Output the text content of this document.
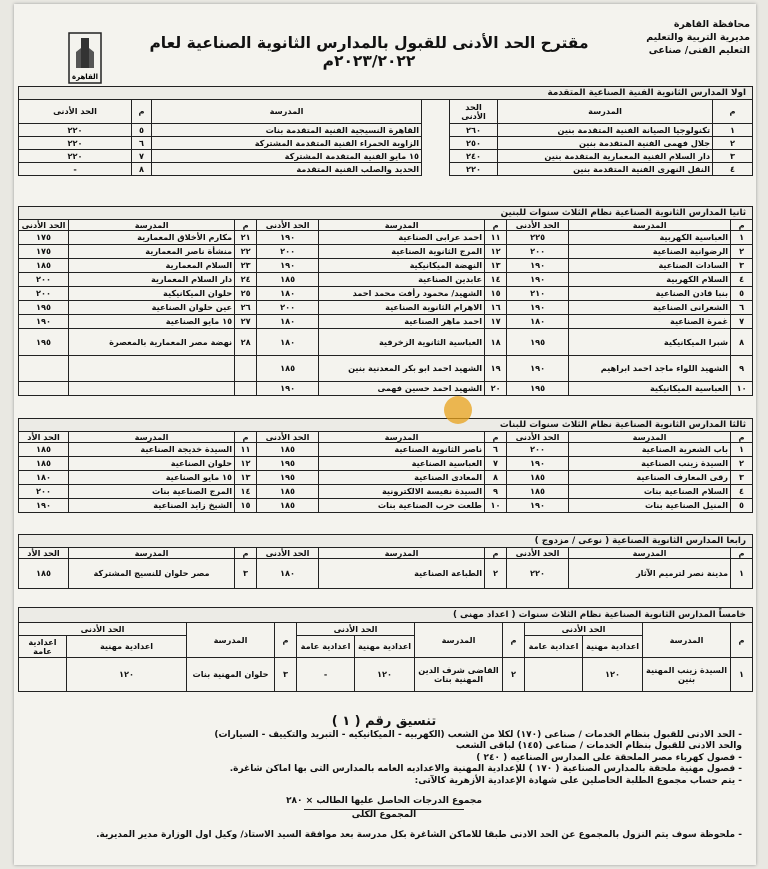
محافظة القاهرة
مديرية التربية والتعليم
التعليم الفنى/ صناعى
مقترح الحد الأدنى للقبول بالمدارس الثانوية الصناعية لعام ٢٠٢٣/٢٠٢٢م
القاهرة
اولا المدارس الثانوية الفنية الصناعية المتقدمة						
م	المدرسة	الحد الأدنى		المدرسة	م	الحد الأدنى
١	تكنولوجيا الصيانة الفنية المتقدمة بنين	٢٦٠		القاهرة النسيجية الفنية المتقدمة بنات	٥	٢٢٠
٢	جلال فهمى الفنية المتقدمة بنين	٢٥٠		الزاوية الحمراء الفنية المتقدمة المشتركة	٦	٢٢٠
٣	دار السلام الفنية المعمارية المتقدمة بنين	٢٤٠		١٥ مايو الفنية المتقدمة المشتركة	٧	٢٢٠
٤	النقل النهرى الفنية المتقدمة بنين	٢٢٠		الحديد والصلب الفنية المتقدمة	٨	-
ثانيا المدارس الثانوية الصناعية نظام الثلاث سنوات للبنين								
م	المدرسة	الحد الأدنى	م	المدرسة	الحد الأدنى	م	المدرسة	الحد الأدنى
١	العباسية الكهربية	٢٢٥	١١	احمد عرابى الصناعية	١٩٠	٢١	مكارم الأخلاق المعمارية	١٧٥
٢	الرضوانية الصناعية	٢٠٠	١٢	المرج الثانوية الصناعية	٢٠٠	٢٢	منشأة ناصر المعمارية	١٧٥
٣	السادات الصناعية	١٩٠	١٣	النهضة الميكانيكية	١٩٠	٢٣	السلام المعمارية	١٨٥
٤	السلام الكهربية	١٩٠	١٤	عابدين الصناعية	١٨٥	٢٤	دار السلام المعمارية	٢٠٠
٥	بنبا قادن الصناعية	٢١٠	١٥	الشهيد/ محمود رأفت محمد احمد	١٨٠	٢٥	حلوان الميكانيكية	٢٠٠
٦	الشعرانى الصناعية	١٩٠	١٦	الاهرام الثانوية الصناعية	٢٠٠	٢٦	عين حلوان الصناعية	١٩٥
٧	غمرة الصناعية	١٨٠	١٧	احمد ماهر الصناعية	١٨٠	٢٧	١٥ مايو الصناعية	١٩٠
٨	شبرا الميكانيكية	١٩٥	١٨	العباسية الثانوية الزخرفية	١٨٠	٢٨	نهضة مصر المعمارية بالمعصرة	١٩٥
٩	الشهيد اللواء ماجد احمد ابراهيم	١٩٠	١٩	الشهيد احمد ابو بكر المعدنية بنين	١٨٥			
١٠	العباسية الميكانيكية	١٩٥	٢٠	الشهيد احمد حسين فهمى	١٩٠			
ثالثا المدارس الثانوية الصناعية نظام الثلاث سنوات للبنات								
م	المدرسة	الحد الأدنى	م	المدرسة	الحد الأدنى	م	المدرسة	الحد الأد
١	باب الشعرية الصناعية	٢٠٠	٦	ناصر الثانوية الصناعية	١٨٥	١١	السيدة خديجة الصناعية	١٨٥
٢	السيدة زينب الصناعية	١٩٠	٧	العباسية الصناعية	١٩٥	١٢	حلوان الصناعية	١٨٥
٣	رقى المعارف الصناعية	١٨٥	٨	المعادى الصناعية	١٩٥	١٣	١٥ مايو الصناعية	١٨٠
٤	السلام الصناعية بنات	١٨٥	٩	السيدة نفيسة الالكترونية	١٨٥	١٤	المرج الصناعية بنات	٢٠٠
٥	المنيل الصناعية بنات	١٩٠	١٠	طلعت حرب الصناعية بنات	١٨٥	١٥	الشيخ زايد الصناعية	١٩٠
رابعا المدارس الثانوية الصناعية ( نوعى / مزدوج )								
م	المدرسة	الحد الأدنى	م	المدرسة	الحد الأدنى	م	المدرسة	الحد الأد
١	مدينة نصر لترميم الآثار	٢٢٠	٢	الطباعة الصناعية	١٨٠	٣	مصر حلوان للنسيج المشتركة	١٨٥
خامساً المدارس الثانوية الصناعية نظام الثلاث سنوات ( اعداد مهنى )											
م	المدرسة	الحد الأدنى		م	المدرسة	الحد الأدنى		م	المدرسة	الحد الأدنى	
		اعدادية مهنية	اعدادية عامة			اعدادية مهنية	اعدادية عامة			اعدادية مهنية	اعدادية عامة
١	السيدة زينب المهنية بنين	١٢٠		٢	القاضى شرف الدين المهنية بنات	١٢٠	-	٣	حلوان المهنية بنات	١٢٠	
تنسيق رقم ( ١ )
- الحد الادنى للقبول بنظام الخدمات / صناعى (١٧٠) لكلا من الشعب (الكهربيه - الميكانيكيه - التبريد والتكييف - السيارات)
والحد الادنى للقبول بنظام الخدمات / صناعى (١٤٥) لباقى الشعب
- فصول كهرباء مصر الملحقة على المدارس الصناعيه ( ٢٤٠ )
- فصول مهنية ملحقة بالمدارس الصناعية ( ١٧٠ ) للإعدادية المهنية والاعداديه العامه بالمدارس التى بها اماكن شاغرة.
- يتم حساب مجموع الطلبة الحاصلين على شهادة الإعدادية الأزهرية كالآتى:
مجموع الدرجات الحاصل عليها الطالب × ٢٨٠
المجموع الكلى
- ملحوظة سوف يتم النزول بالمجموع عن الحد الادنى طبقا للاماكن الشاغرة بكل مدرسة بعد موافقة السيد الاستاذ/ وكيل اول الوزارة مدير المديرية.
